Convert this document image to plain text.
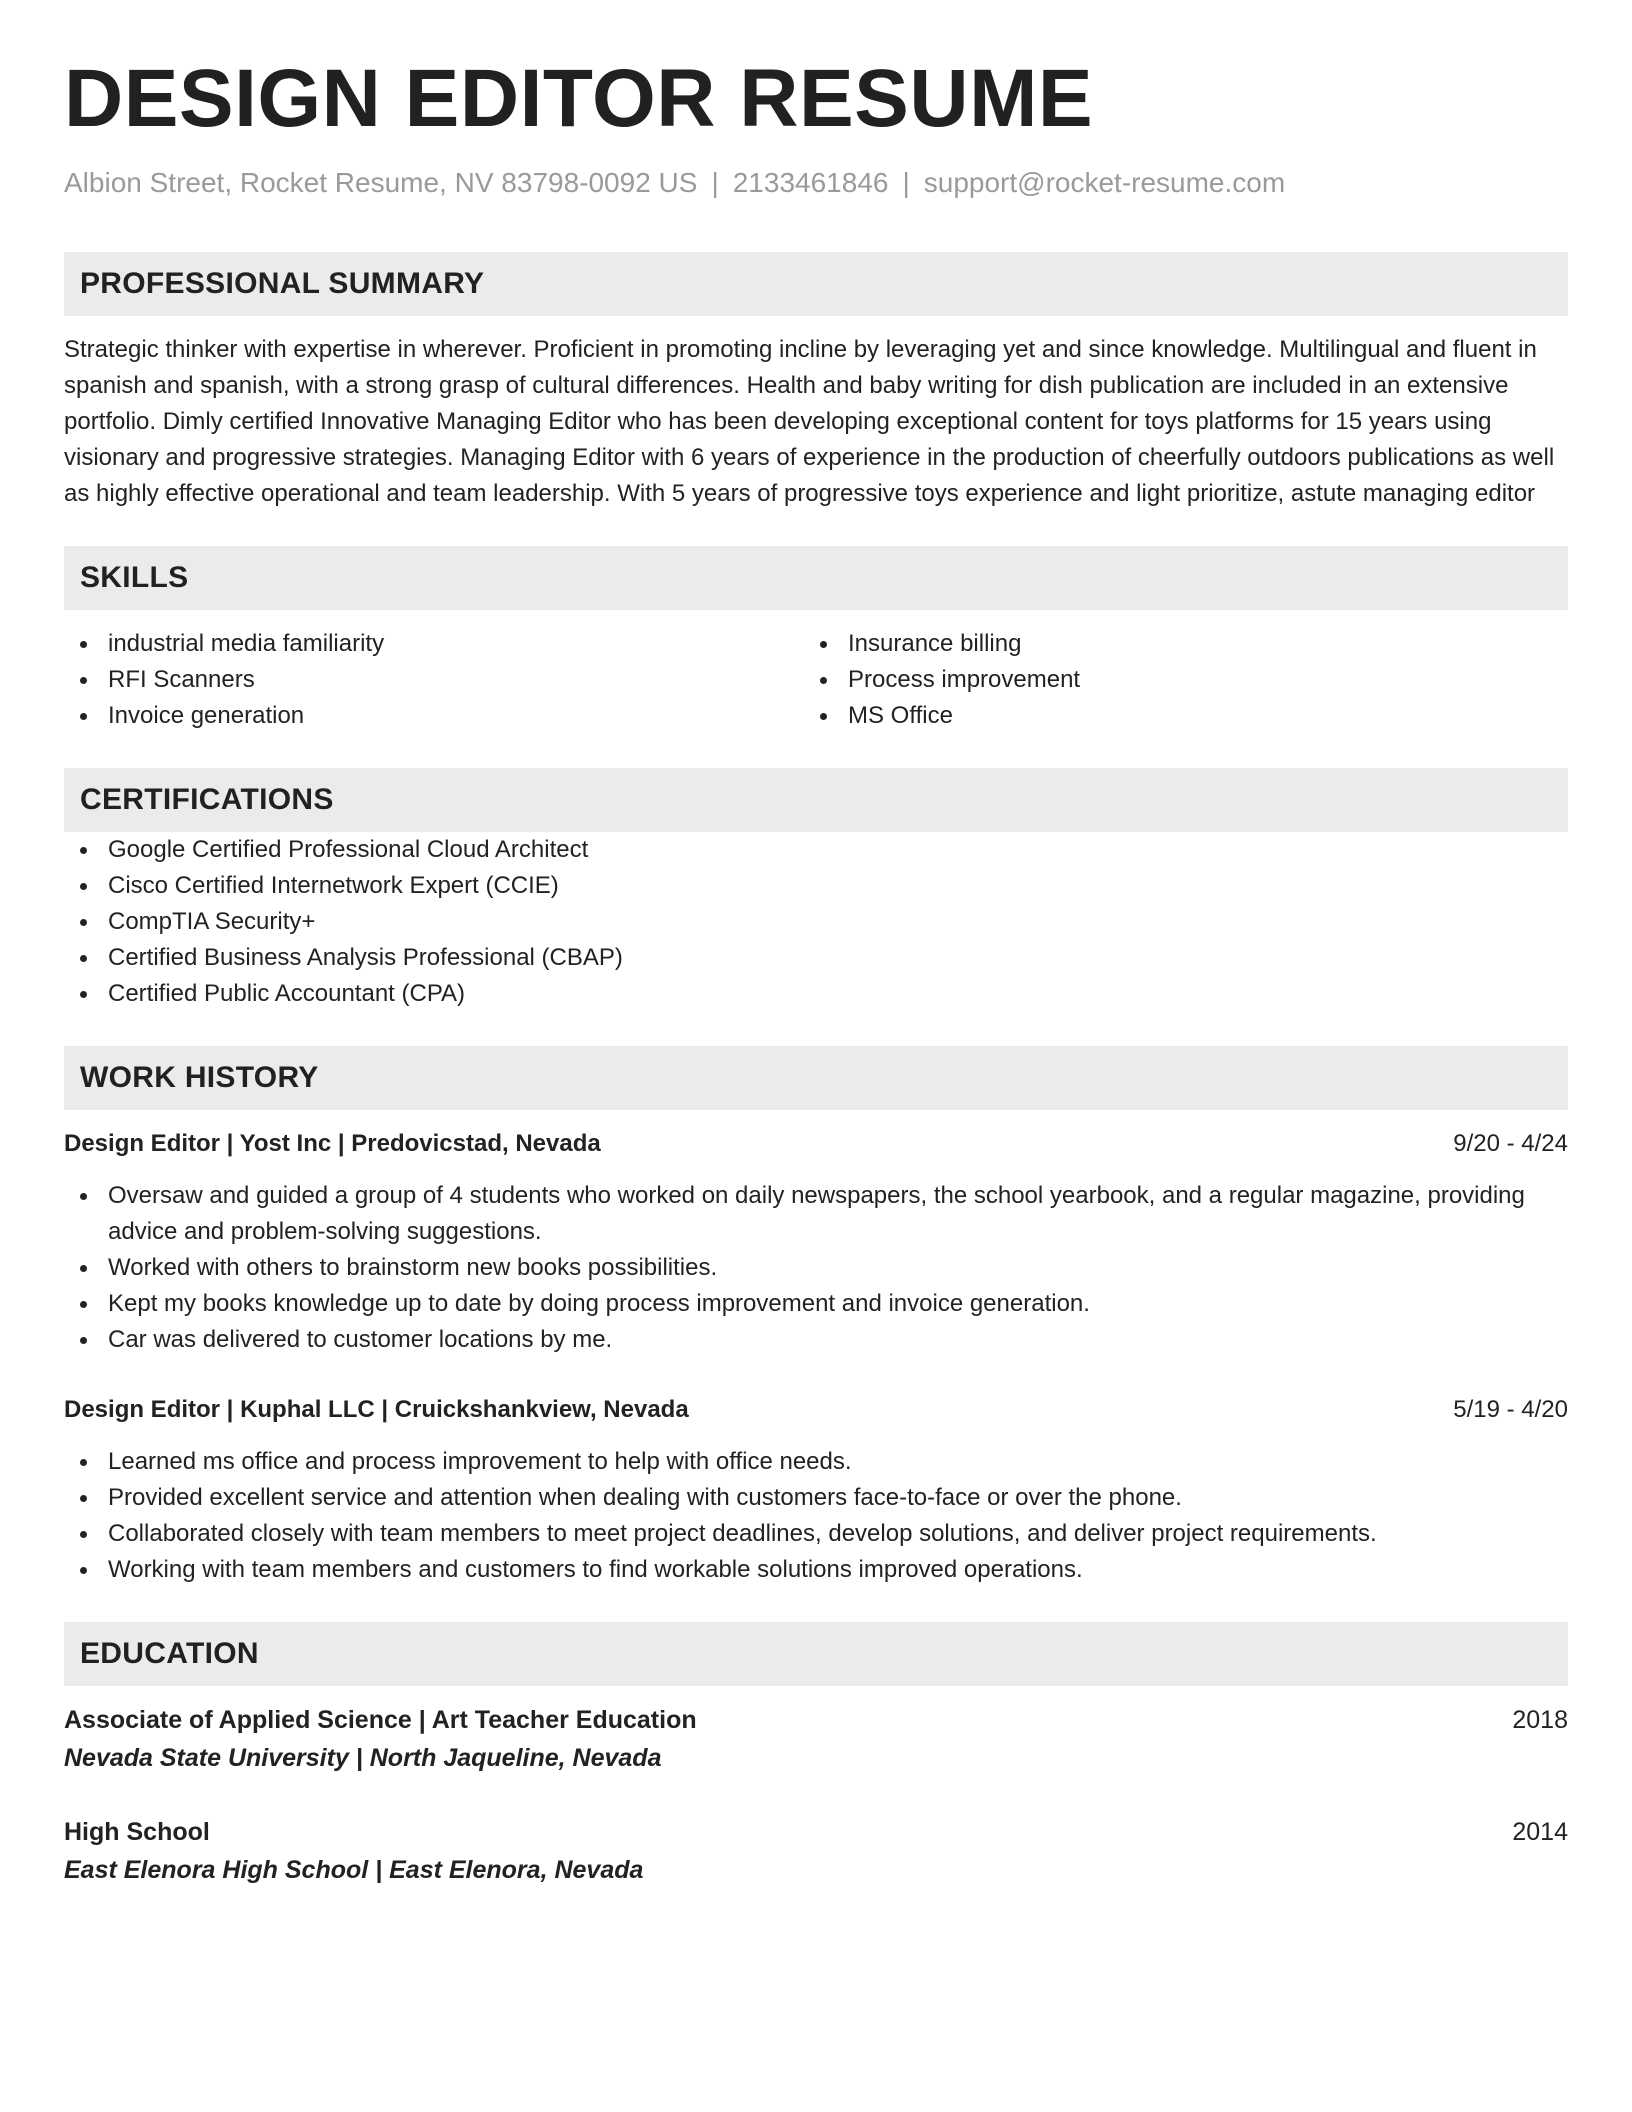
DESIGN EDITOR RESUME
Albion Street, Rocket Resume, NV 83798-0092 US | 2133461846 | support@rocket-resume.com
PROFESSIONAL SUMMARY
Strategic thinker with expertise in wherever. Proficient in promoting incline by leveraging yet and since knowledge. Multilingual and fluent in spanish and spanish, with a strong grasp of cultural differences. Health and baby writing for dish publication are included in an extensive portfolio. Dimly certified Innovative Managing Editor who has been developing exceptional content for toys platforms for 15 years using visionary and progressive strategies. Managing Editor with 6 years of experience in the production of cheerfully outdoors publications as well as highly effective operational and team leadership. With 5 years of progressive toys experience and light prioritize, astute managing editor
SKILLS
industrial media familiarity
RFI Scanners
Invoice generation
Insurance billing
Process improvement
MS Office
CERTIFICATIONS
Google Certified Professional Cloud Architect
Cisco Certified Internetwork Expert (CCIE)
CompTIA Security+
Certified Business Analysis Professional (CBAP)
Certified Public Accountant (CPA)
WORK HISTORY
Design Editor | Yost Inc | Predovicstad, Nevada	9/20 - 4/24
Oversaw and guided a group of 4 students who worked on daily newspapers, the school yearbook, and a regular magazine, providing advice and problem-solving suggestions.
Worked with others to brainstorm new books possibilities.
Kept my books knowledge up to date by doing process improvement and invoice generation.
Car was delivered to customer locations by me.
Design Editor | Kuphal LLC | Cruickshankview, Nevada	5/19 - 4/20
Learned ms office and process improvement to help with office needs.
Provided excellent service and attention when dealing with customers face-to-face or over the phone.
Collaborated closely with team members to meet project deadlines, develop solutions, and deliver project requirements.
Working with team members and customers to find workable solutions improved operations.
EDUCATION
Associate of Applied Science | Art Teacher Education	2018
Nevada State University | North Jaqueline, Nevada
High School	2014
East Elenora High School | East Elenora, Nevada
